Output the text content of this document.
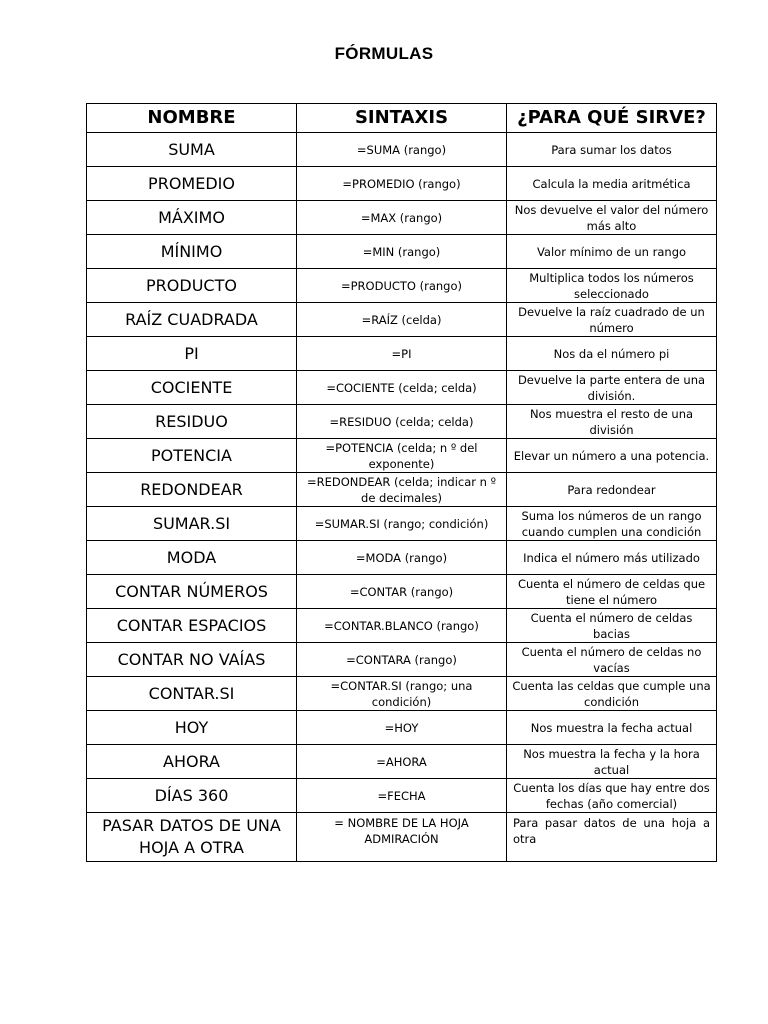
FÓRMULAS
NOMBRE	SINTAXIS	¿PARA QUÉ SIRVE?
SUMA	=SUMA (rango)	Para sumar los datos
PROMEDIO	=PROMEDIO (rango)	Calcula la media aritmética
MÁXIMO	=MAX (rango)	Nos devuelve el valor del número más alto
MÍNIMO	=MIN (rango)	Valor mínimo de un rango
PRODUCTO	=PRODUCTO (rango)	Multiplica todos los números seleccionado
RAÍZ CUADRADA	=RAÍZ (celda)	Devuelve la raíz cuadrado de un número
PI	=PI	Nos da el número pi
COCIENTE	=COCIENTE (celda; celda)	Devuelve la parte entera de una división.
RESIDUO	=RESIDUO (celda; celda)	Nos muestra el resto de una división
POTENCIA	=POTENCIA (celda; n º del exponente)	Elevar un número a una potencia.
REDONDEAR	=REDONDEAR (celda; indicar n º de decimales)	Para redondear
SUMAR.SI	=SUMAR.SI (rango; condición)	Suma los números de un rango cuando cumplen una condición
MODA	=MODA (rango)	Indica el número más utilizado
CONTAR NÚMEROS	=CONTAR (rango)	Cuenta el número de celdas que tiene el número
CONTAR ESPACIOS	=CONTAR.BLANCO (rango)	Cuenta el número de celdas bacias
CONTAR NO VAÍAS	=CONTARA (rango)	Cuenta el número de celdas no vacías
CONTAR.SI	=CONTAR.SI (rango; una condición)	Cuenta las celdas que cumple una condición
HOY	=HOY	Nos muestra la fecha actual
AHORA	=AHORA	Nos muestra la fecha y la hora actual
DÍAS 360	=FECHA	Cuenta los días que hay entre dos fechas (año comercial)
PASAR DATOS DE UNA HOJA A OTRA	= NOMBRE DE LA HOJA ADMIRACIÓN	Para pasar datos de una hoja a otra
